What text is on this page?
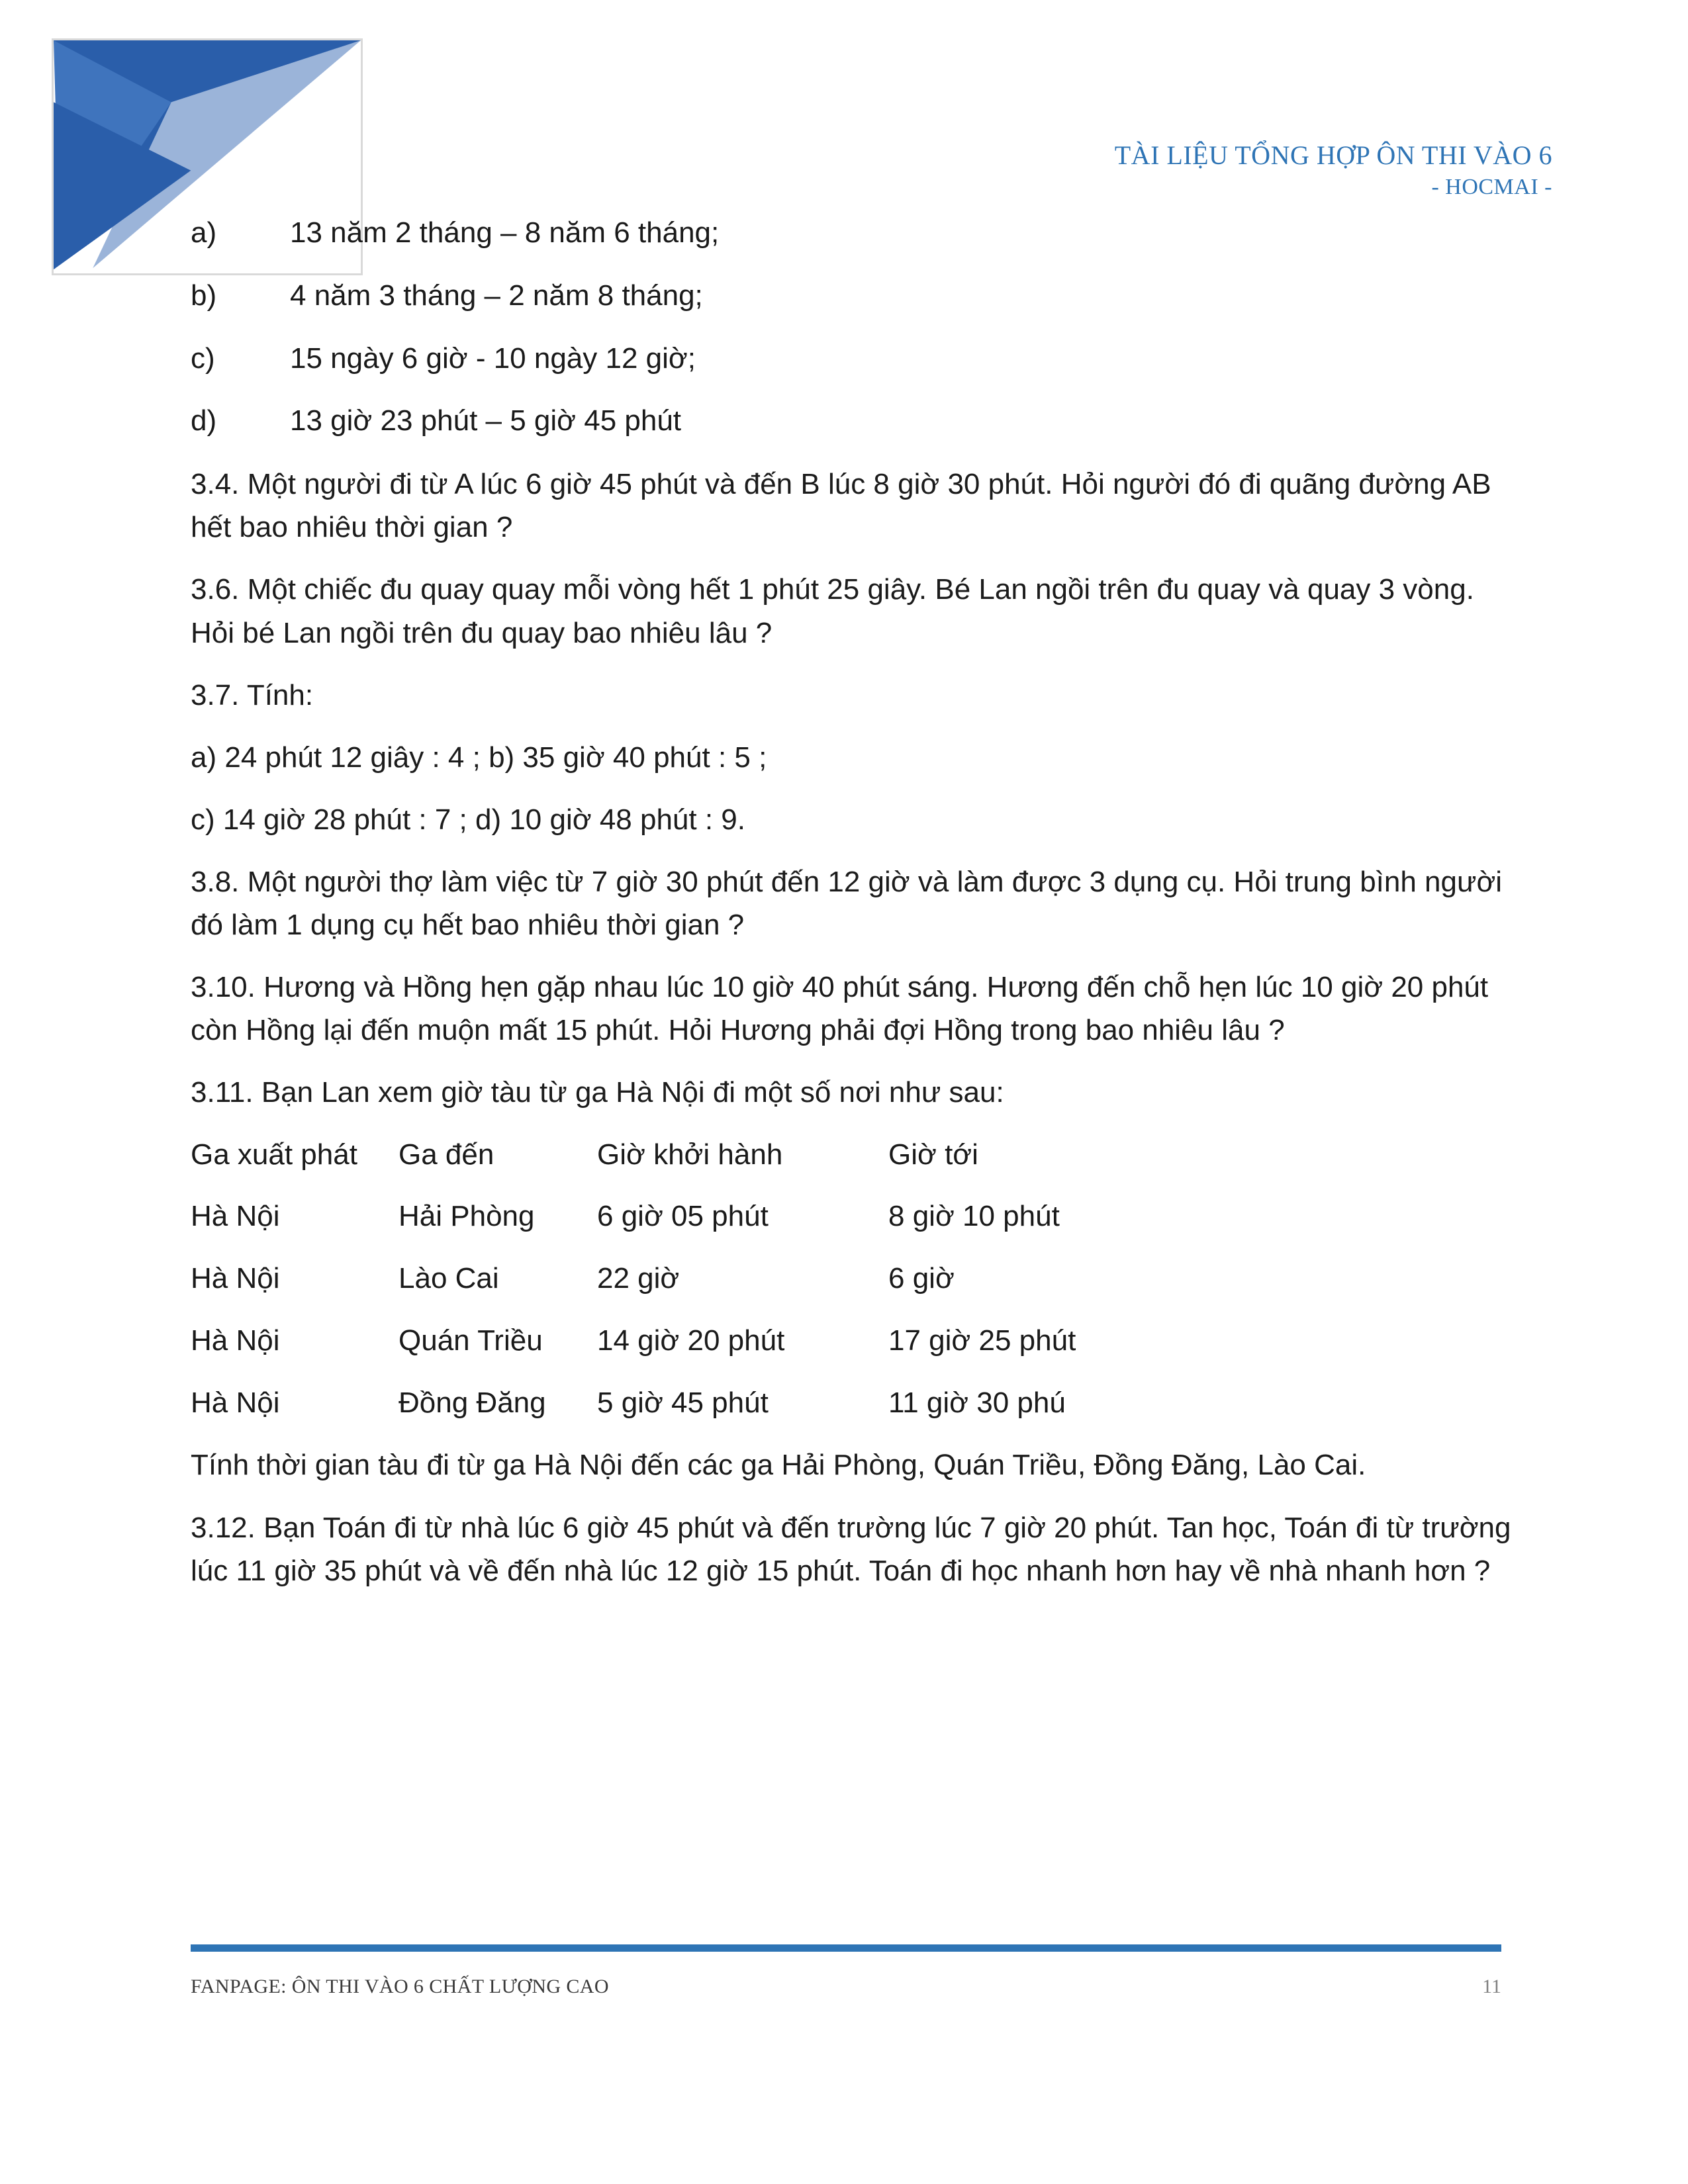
TÀI LIỆU TỔNG HỢP ÔN THI VÀO 6
- HOCMAI -
a)	13 năm 2 tháng – 8 năm 6 tháng;
b)	4 năm 3 tháng – 2 năm 8 tháng;
c)	15 ngày 6 giờ - 10 ngày 12 giờ;
d)	13 giờ 23 phút – 5 giờ 45 phút

3.4. Một người đi từ A lúc 6 giờ 45 phút và đến B lúc 8 giờ 30 phút. Hỏi người đó đi quãng đường AB hết bao nhiêu thời gian ?

3.6. Một chiếc đu quay quay mỗi vòng hết 1 phút 25 giây. Bé Lan ngồi trên đu quay và quay 3 vòng. Hỏi bé Lan ngồi trên đu quay bao nhiêu lâu ?

3.7. Tính:

a) 24 phút 12 giây : 4 ; b) 35 giờ 40 phút : 5 ;

c) 14 giờ 28 phút : 7 ; d) 10 giờ 48 phút : 9.

3.8. Một người thợ làm việc từ 7 giờ 30 phút đến 12 giờ và làm được 3 dụng cụ. Hỏi trung bình người đó làm 1 dụng cụ hết bao nhiêu thời gian ?

3.10. Hương và Hồng hẹn gặp nhau lúc 10 giờ 40 phút sáng. Hương đến chỗ hẹn lúc 10 giờ 20 phút còn Hồng lại đến muộn mất 15 phút. Hỏi Hương phải đợi Hồng trong bao nhiêu lâu ?

3.11. Bạn Lan xem giờ tàu từ ga Hà Nội đi một số nơi như sau:

Ga xuất phát	Ga đến	Giờ khởi hành	Giờ tới
Hà Nội	Hải Phòng	6 giờ 05 phút	8 giờ 10 phút
Hà Nội	Lào Cai	22 giờ	6 giờ
Hà Nội	Quán Triều	14 giờ 20 phút	17 giờ 25 phút
Hà Nội	Đồng Đăng	5 giờ 45 phút	11 giờ 30 phú

Tính thời gian tàu đi từ ga Hà Nội đến các ga Hải Phòng, Quán Triều, Đồng Đăng, Lào Cai.

3.12. Bạn Toán đi từ nhà lúc 6 giờ 45 phút và đến trường lúc 7 giờ 20 phút. Tan học, Toán đi từ trường lúc 11 giờ 35 phút và về đến nhà lúc 12 giờ 15 phút. Toán đi học nhanh hơn hay về nhà nhanh hơn ?

FANPAGE: ÔN THI VÀO 6 CHẤT LƯỢNG CAO	11
